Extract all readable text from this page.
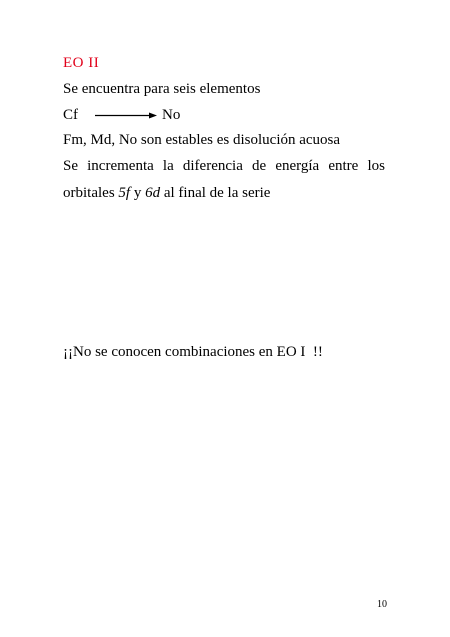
EO II
Se encuentra para seis elementos
Cf	No
Fm, Md, No son estables es disolución acuosa
Se incrementa la diferencia de energía entre los
orbitales 5f y 6d al final de la serie
¡¡No se conocen combinaciones en EO I  !!
10
